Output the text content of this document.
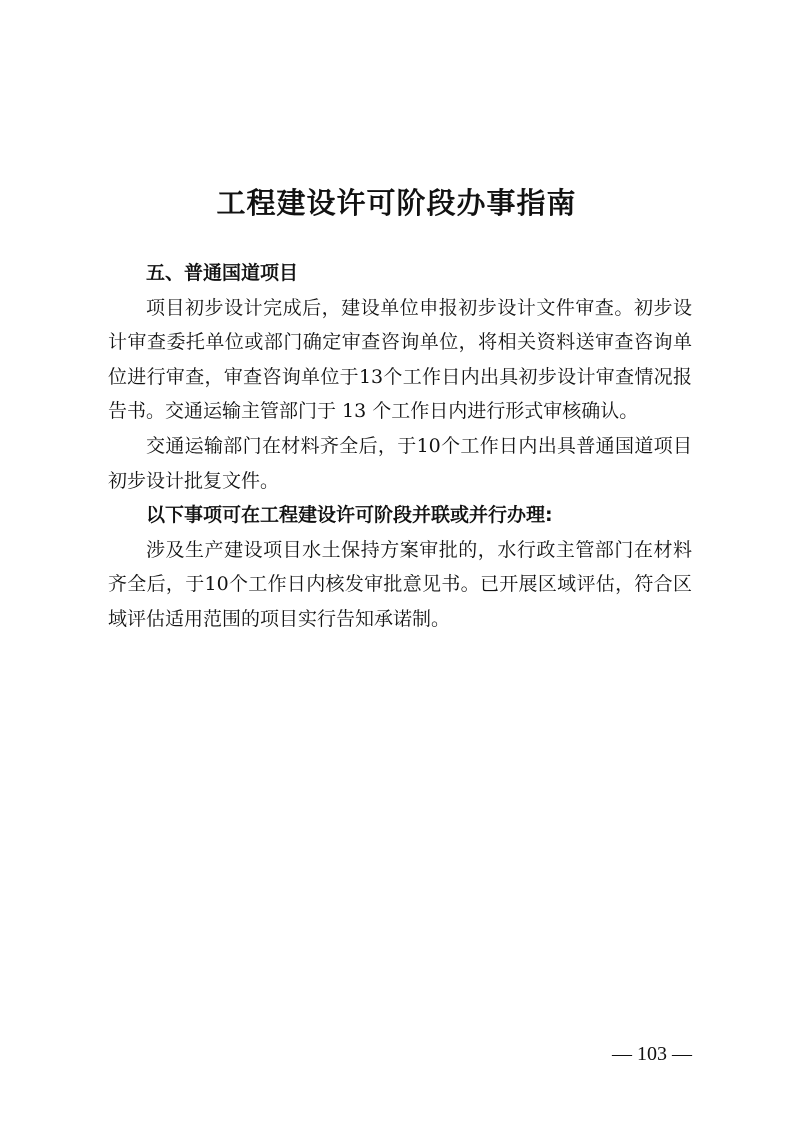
工程建设许可阶段办事指南

五、普通国道项目

项目初步设计完成后，建设单位申报初步设计文件审查。初步设计审查委托单位或部门确定审查咨询单位，将相关资料送审查咨询单位进行审查，审查咨询单位于13个工作日内出具初步设计审查情况报告书。交通运输主管部门于 13 个工作日内进行形式审核确认。

交通运输部门在材料齐全后，于10个工作日内出具普通国道项目初步设计批复文件。

以下事项可在工程建设许可阶段并联或并行办理:

涉及生产建设项目水土保持方案审批的，水行政主管部门在材料齐全后，于10个工作日内核发审批意见书。已开展区域评估，符合区域评估适用范围的项目实行告知承诺制。

— 103 —
